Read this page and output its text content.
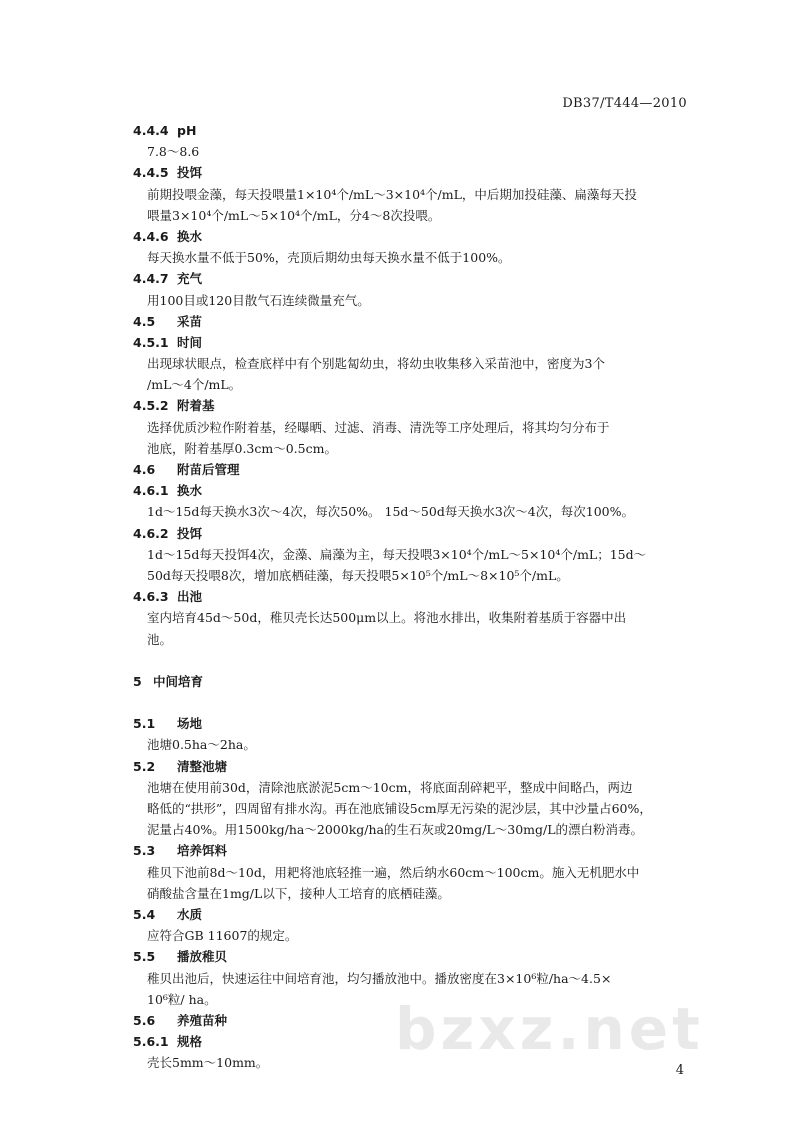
DB37/T444—2010
4.4.4 pH
7.8～8.6
4.4.5 投饵
前期投喂金藻，每天投喂量1×10⁴个/mL～3×10⁴个/mL，中后期加投硅藻、扁藻每天投
喂量3×10⁴个/mL～5×10⁴个/mL，分4～8次投喂。
4.4.6 换水
每天换水量不低于50%，壳顶后期幼虫每天换水量不低于100%。
4.4.7 充气
用100目或120目散气石连续微量充气。
4.5 采苗
4.5.1 时间
出现球状眼点，检查底样中有个别匙匐幼虫，将幼虫收集移入采苗池中，密度为3个
/mL～4个/mL。
4.5.2 附着基
选择优质沙粒作附着基，经曝晒、过滤、消毒、清洗等工序处理后，将其均匀分布于
池底，附着基厚0.3cm～0.5cm。
4.6 附苗后管理
4.6.1 换水
1d～15d每天换水3次～4次，每次50%。 15d～50d每天换水3次～4次，每次100%。
4.6.2 投饵
1d～15d每天投饵4次，金藻、扁藻为主，每天投喂3×10⁴个/mL～5×10⁴个/mL；15d～
50d每天投喂8次，增加底栖硅藻，每天投喂5×10⁵个/mL～8×10⁵个/mL。
4.6.3 出池
室内培育45d～50d，稚贝壳长达500μm以上。将池水排出，收集附着基质于容器中出
池。
5 中间培育
5.1 场地
池塘0.5ha～2ha。
5.2 清整池塘
池塘在使用前30d，清除池底淤泥5cm～10cm，将底面刮碎耙平，整成中间略凸，两边
略低的“拱形”，四周留有排水沟。再在池底铺设5cm厚无污染的泥沙层，其中沙量占60%，
泥量占40%。用1500kg/ha～2000kg/ha的生石灰或20mg/L～30mg/L的漂白粉消毒。
5.3 培养饵料
稚贝下池前8d～10d，用耙将池底轻推一遍，然后纳水60cm～100cm。施入无机肥水中
硝酸盐含量在1mg/L以下，接种人工培育的底栖硅藻。
5.4 水质
应符合GB 11607的规定。
5.5 播放稚贝
稚贝出池后，快速运往中间培育池，均匀播放池中。播放密度在3×10⁶粒/ha～4.5×
10⁶粒/ ha。
5.6 养殖苗种
5.6.1 规格
壳长5mm～10mm。	bzxz.net
4
